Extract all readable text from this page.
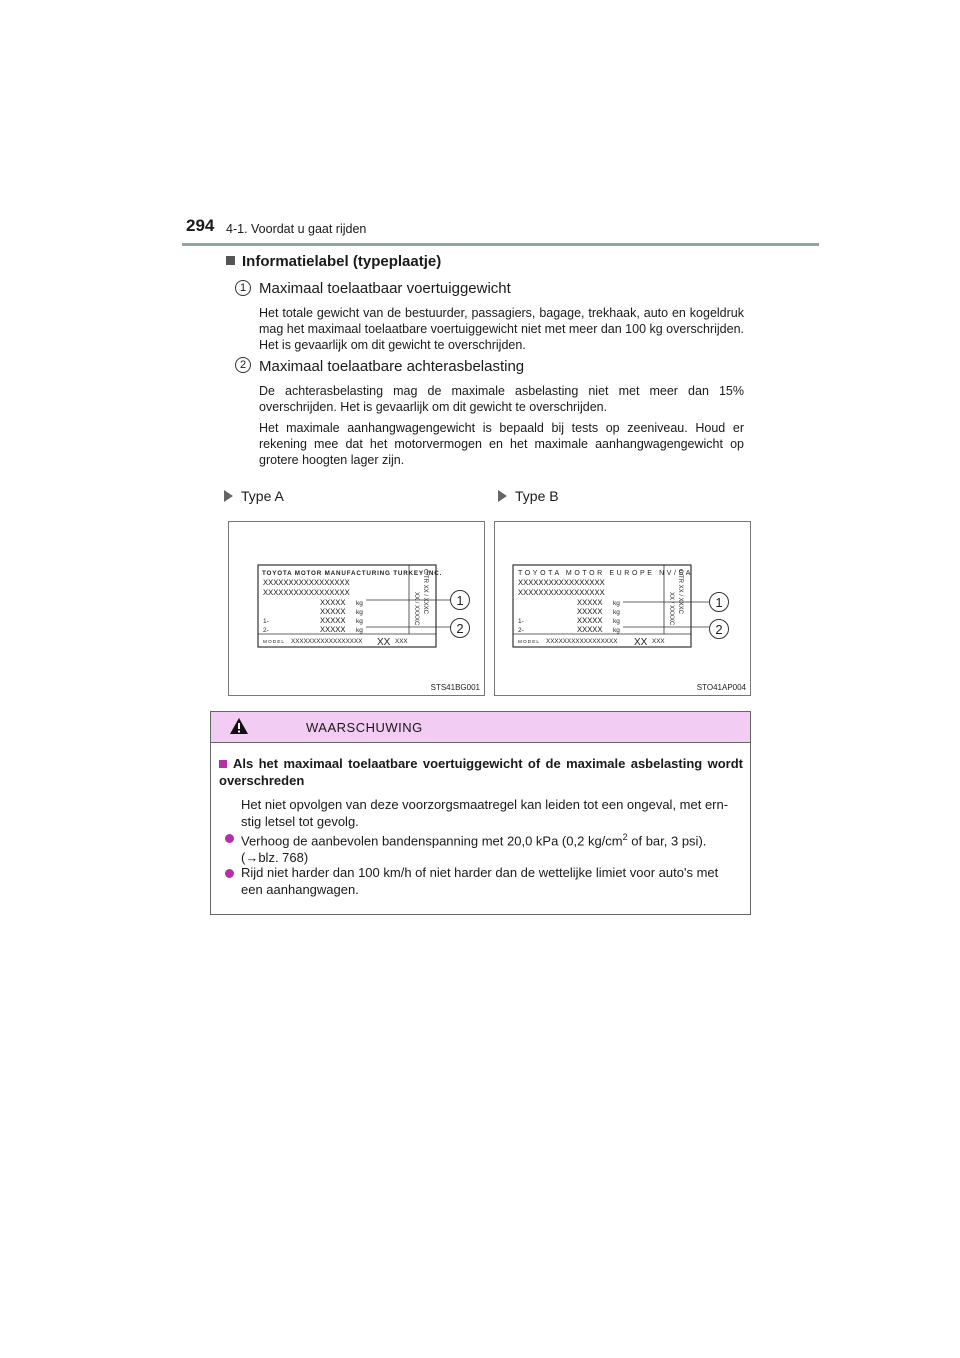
294 4-1. Voordat u gaat rijden
Informatielabel (typeplaatje)
1 Maximaal toelaatbaar voertuiggewicht
Het totale gewicht van de bestuurder, passagiers, bagage, trekhaak, auto en kogeldruk mag het maximaal toelaatbare voertuiggewicht niet met meer dan 100 kg overschrijden. Het is gevaarlijk om dit gewicht te overschrijden.
2 Maximaal toelaatbare achterasbelasting
De achterasbelasting mag de maximale asbelasting niet met meer dan 15% overschrijden. Het is gevaarlijk om dit gewicht te overschrijden.
Het maximale aanhangwagengewicht is bepaald bij tests op zeeniveau. Houd er rekening mee dat het motorvermogen en het maximale aanhangwagengewicht op grotere hoogten lager zijn.
Type A	Type B
TOYOTA MOTOR MANUFACTURING TURKEY INC.
XXXXXXXXXXXXXXXXX
XXXXXXXXXXXXXXXXX
XXXXX kg
XXXXX kg
XXXXX kg
XXXXX kg
1-
2-
MODEL XXXXXXXXXXXXXXXXX XX XXX
C/TR XX / XXXC
XX / XXXXC	1
2
STS41BG001
TOYOTA MOTOR EUROPE NV/SA
XXXXXXXXXXXXXXXXX
XXXXXXXXXXXXXXXXX
XXXXX kg
XXXXX kg
XXXXX kg
XXXXX kg
1-
2-
MODEL XXXXXXXXXXXXXXXXX XX XXX
C/TR XX / XXXC
XX / XXXXC	1
2
STO41AP004
WAARSCHUWING
Als het maximaal toelaatbare voertuiggewicht of de maximale asbelasting wordt overschreden
Het niet opvolgen van deze voorzorgsmaatregel kan leiden tot een ongeval, met ern-stig letsel tot gevolg.
Verhoog de aanbevolen bandenspanning met 20,0 kPa (0,2 $kg/cm^2$ of bar, 3 psi).
(→blz. 768)
Rijd niet harder dan 100 km/h of niet harder dan de wettelijke limiet voor auto's met een aanhangwagen.
